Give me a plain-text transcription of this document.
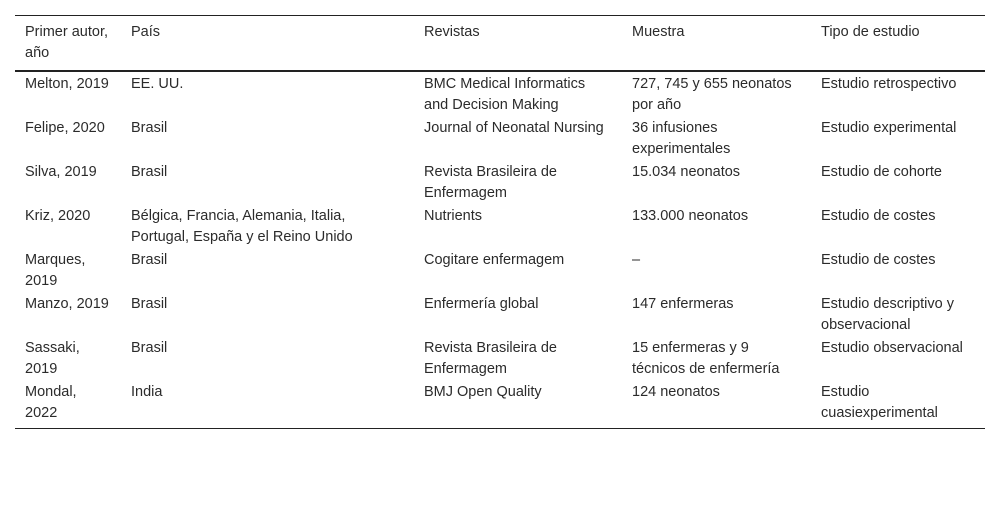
Primer autor, año	País	Revistas	Muestra	Tipo de estudio
Melton, 2019	EE. UU.	BMC Medical Informatics and Decision Making	727, 745 y 655 neonatos por año	Estudio retrospectivo
Felipe, 2020	Brasil	Journal of Neonatal Nursing	36 infusiones experimentales	Estudio experimental
Silva, 2019	Brasil	Revista Brasileira de Enfermagem	15.034 neonatos	Estudio de cohorte
Kriz, 2020	Bélgica, Francia, Alemania, Italia, Portugal, España y el Reino Unido	Nutrients	133.000 neonatos	Estudio de costes
Marques, 2019	Brasil	Cogitare enfermagem	–	Estudio de costes
Manzo, 2019	Brasil	Enfermería global	147 enfermeras	Estudio descriptivo y observacional
Sassaki, 2019	Brasil	Revista Brasileira de Enfermagem	15 enfermeras y 9 técnicos de enfermería	Estudio observacional
Mondal, 2022	India	BMJ Open Quality	124 neonatos	Estudio cuasiexperimental
